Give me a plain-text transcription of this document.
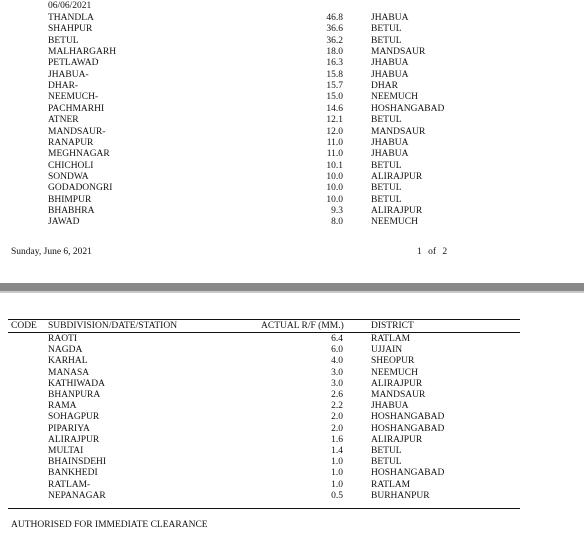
06/06/2021
THANDLA	46.8	JHABUA
SHAHPUR	36.6	BETUL
BETUL	36.2	BETUL
MALHARGARH	18.0	MANDSAUR
PETLAWAD	16.3	JHABUA
JHABUA-	15.8	JHABUA
DHAR-	15.7	DHAR
NEEMUCH-	15.0	NEEMUCH
PACHMARHI	14.6	HOSHANGABAD
ATNER	12.1	BETUL
MANDSAUR-	12.0	MANDSAUR
RANAPUR	11.0	JHABUA
MEGHNAGAR	11.0	JHABUA
CHICHOLI	10.1	BETUL
SONDWA	10.0	ALIRAJPUR
GODADONGRI	10.0	BETUL
BHIMPUR	10.0	BETUL
BHABHRA	9.3	ALIRAJPUR
JAWAD	8.0	NEEMUCH
Sunday, June 6, 2021	1 of 2
CODE SUBDIVISION/DATE/STATION	ACTUAL R/F (MM.)	DISTRICT
RAOTI	6.4	RATLAM
NAGDA	6.0	UJJAIN
KARHAL	4.0	SHEOPUR
MANASA	3.0	NEEMUCH
KATHIWADA	3.0	ALIRAJPUR
BHANPURA	2.6	MANDSAUR
RAMA	2.2	JHABUA
SOHAGPUR	2.0	HOSHANGABAD
PIPARIYA	2.0	HOSHANGABAD
ALIRAJPUR	1.6	ALIRAJPUR
MULTAI	1.4	BETUL
BHAINSDEHI	1.0	BETUL
BANKHEDI	1.0	HOSHANGABAD
RATLAM-	1.0	RATLAM
NEPANAGAR	0.5	BURHANPUR
AUTHORISED FOR IMMEDIATE CLEARANCE
